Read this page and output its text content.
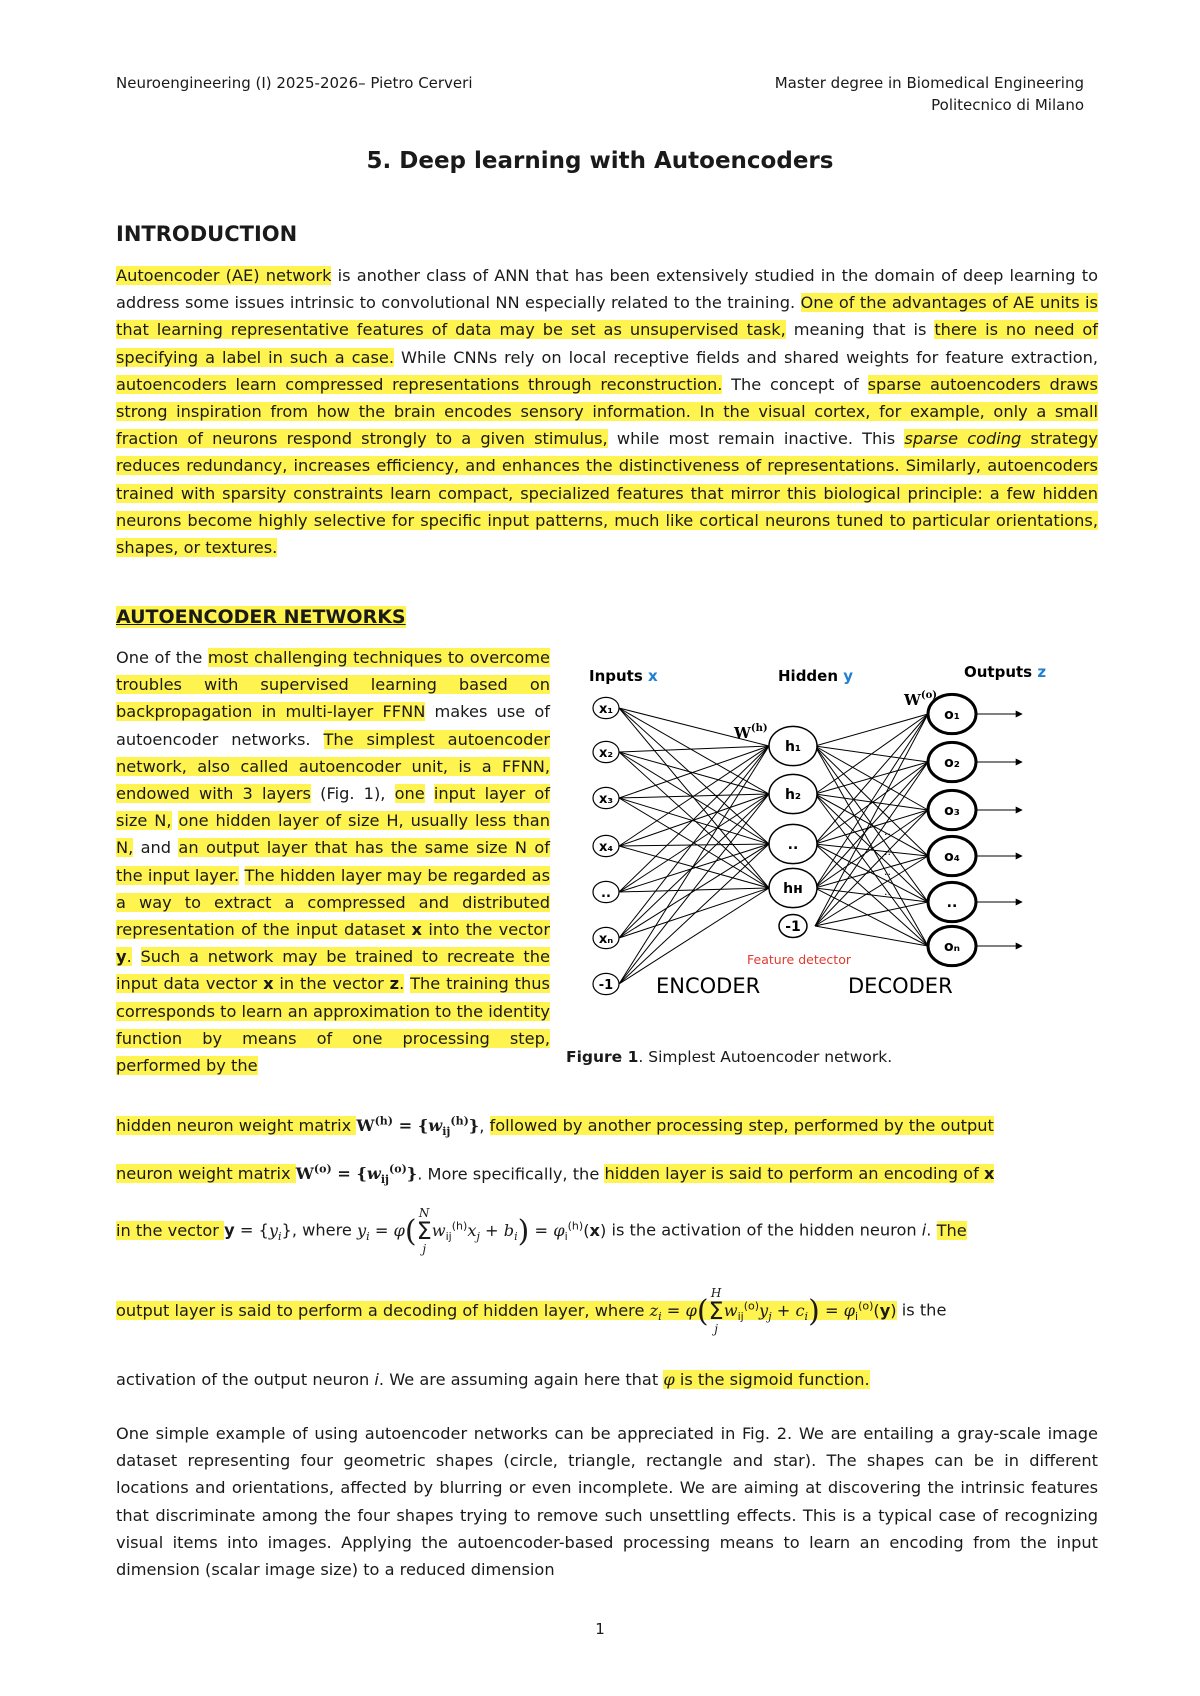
Neuroengineering (I) 2025-2026– Pietro Cerveri	Master degree in Biomedical Engineering
Politecnico di Milano
5. Deep learning with Autoencoders
INTRODUCTION
Autoencoder (AE) network is another class of ANN that has been extensively studied in the domain of deep learning to address some issues intrinsic to convolutional NN especially related to the training. One of the advantages of AE units is that learning representative features of data may be set as unsupervised task, meaning that is there is no need of specifying a label in such a case. While CNNs rely on local receptive fields and shared weights for feature extraction, autoencoders learn compressed representations through reconstruction. The concept of sparse autoencoders draws strong inspiration from how the brain encodes sensory information. In the visual cortex, for example, only a small fraction of neurons respond strongly to a given stimulus, while most remain inactive. This sparse coding strategy reduces redundancy, increases efficiency, and enhances the distinctiveness of representations. Similarly, autoencoders trained with sparsity constraints learn compact, specialized features that mirror this biological principle: a few hidden neurons become highly selective for specific input patterns, much like cortical neurons tuned to particular orientations, shapes, or textures.
AUTOENCODER NETWORKS
One of the most challenging techniques to overcome troubles with supervised learning based on backpropagation in multi-layer FFNN makes use of autoencoder networks. The simplest autoencoder network, also called autoencoder unit, is a FFNN, endowed with 3 layers (Fig. 1), one input layer of size N, one hidden layer of size H, usually less than N, and an output layer that has the same size N of the input layer. The hidden layer may be regarded as a way to extract a compressed and distributed representation of the input dataset x into the vector y. Such a network may be trained to recreate the input data vector x in the vector z. The training thus corresponds to learn an approximation to the identity function by means of one processing step, performed by the
x₁
x₂
x₃
x₄
..
xₙ
-1
h₁
h₂
..
hʜ
-1
o₁
o₂
o₃
o₄
..
oₙ
··
··
··
··
Inputs x	Hidden y	Outputs z
$W^{(h)}$
$W^{(o)}$
Feature detector
ENCODER	DECODER
Figure 1. Simplest Autoencoder network.
hidden neuron weight matrix $W^{(h)} = \{w_{ij}^{(h)}\}$, followed by another processing step, performed by the output
neuron weight matrix $W^{(o)} = \{w_{ij}^{(o)}\}$. More specifically, the hidden layer is said to perform an encoding of x
in the vector $y = \{y_i\}$, where $y_i = \varphi(N$
Σ
$jw_{ij}^{(h)}x_j + b_i) = \varphi_i^{(h)}(x)$ is the activation of the hidden neuron i. The
output layer is said to perform a decoding of hidden layer, where $z_i = \varphi(H$
Σ
$jw_{ij}^{(o)}y_j + c_i) = \varphi_i^{(o)}(y)$ is the
activation of the output neuron i. We are assuming again here that φ is the sigmoid function.
One simple example of using autoencoder networks can be appreciated in Fig. 2. We are entailing a gray-scale image dataset representing four geometric shapes (circle, triangle, rectangle and star). The shapes can be in different locations and orientations, affected by blurring or even incomplete. We are aiming at discovering the intrinsic features that discriminate among the four shapes trying to remove such unsettling effects. This is a typical case of recognizing visual items into images. Applying the autoencoder-based processing means to learn an encoding from the input dimension (scalar image size) to a reduced dimension
1
